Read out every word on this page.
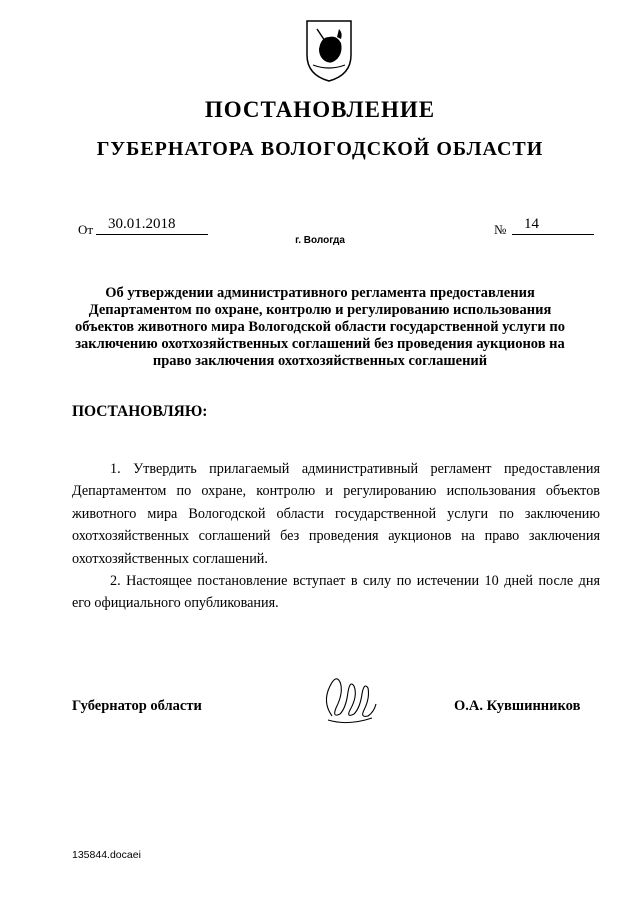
ПОСТАНОВЛЕНИЕ
ГУБЕРНАТОРА ВОЛОГОДСКОЙ ОБЛАСТИ
От 30.01.2018	№	14
г. Вологда
Об утверждении административного регламента предоставления Департаментом по охране, контролю и регулированию использования объектов животного мира Вологодской области государственной услуги по заключению охотхозяйственных соглашений без проведения аукционов на право заключения охотхозяйственных соглашений
ПОСТАНОВЛЯЮ:

1. Утвердить прилагаемый административный регламент предоставления Департаментом по охране, контролю и регулированию использования объектов животного мира Вологодской области государственной услуги по заключению охотхозяйственных соглашений без проведения аукционов на право заключения охотхозяйственных соглашений.

2. Настоящее постановление вступает в силу по истечении 10 дней после дня его официального опубликования.

Губернатор области	О.А. Кувшинников
135844.docaei
